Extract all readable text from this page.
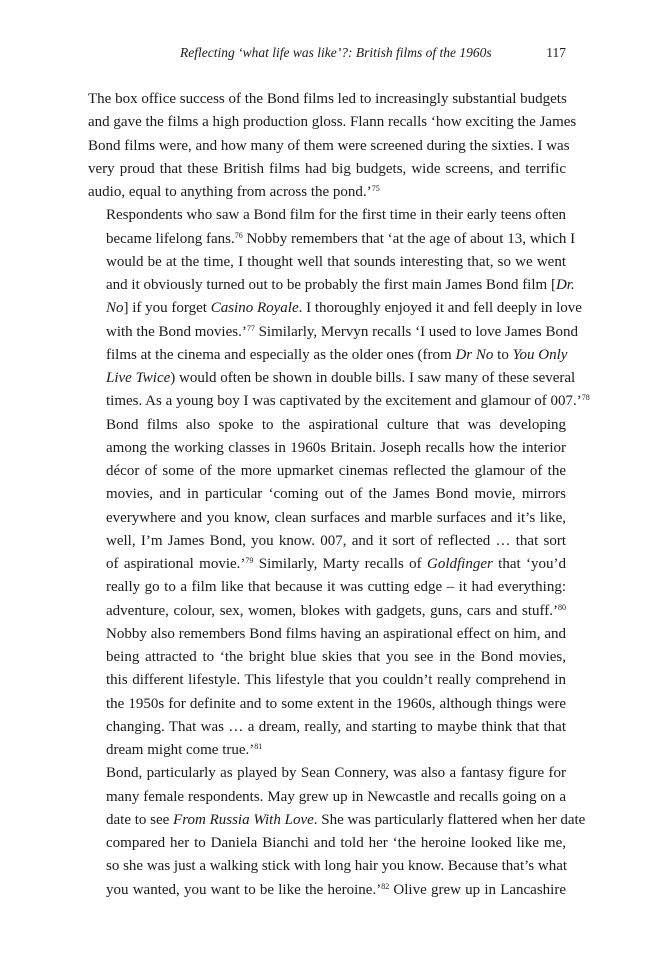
Reflecting ‘what life was like’?: British films of the 1960s	117
The box office success of the Bond films led to increasingly substantial budgets
and gave the films a high production gloss. Flann recalls ‘how exciting the James
Bond films were, and how many of them were screened during the sixties. I was
very proud that these British films had big budgets, wide screens, and terrific
audio, equal to anything from across the pond.’$^{75}$
Respondents who saw a Bond film for the first time in their early teens often
became lifelong fans.$^{76}$ Nobby remembers that ‘at the age of about 13, which I
would be at the time, I thought well that sounds interesting that, so we went
and it obviously turned out to be probably the first main James Bond film [Dr.
No] if you forget Casino Royale. I thoroughly enjoyed it and fell deeply in love
with the Bond movies.’$^{77}$ Similarly, Mervyn recalls ‘I used to love James Bond
films at the cinema and especially as the older ones (from Dr No to You Only
Live Twice) would often be shown in double bills. I saw many of these several
times. As a young boy I was captivated by the excitement and glamour of 007.’$^{78}$
Bond films also spoke to the aspirational culture that was developing
among the working classes in 1960s Britain. Joseph recalls how the interior
décor of some of the more upmarket cinemas reflected the glamour of the
movies, and in particular ‘coming out of the James Bond movie, mirrors
everywhere and you know, clean surfaces and marble surfaces and it’s like,
well, I’m James Bond, you know. 007, and it sort of reflected … that sort
of aspirational movie.’$^{79}$ Similarly, Marty recalls of Goldfinger that ‘you’d
really go to a film like that because it was cutting edge – it had everything:
adventure, colour, sex, women, blokes with gadgets, guns, cars and stuff.’$^{80}$
Nobby also remembers Bond films having an aspirational effect on him, and
being attracted to ‘the bright blue skies that you see in the Bond movies,
this different lifestyle. This lifestyle that you couldn’t really comprehend in
the 1950s for definite and to some extent in the 1960s, although things were
changing. That was … a dream, really, and starting to maybe think that that
dream might come true.’$^{81}$
Bond, particularly as played by Sean Connery, was also a fantasy figure for
many female respondents. May grew up in Newcastle and recalls going on a
date to see From Russia With Love. She was particularly flattered when her date
compared her to Daniela Bianchi and told her ‘the heroine looked like me,
so she was just a walking stick with long hair you know. Because that’s what
you wanted, you want to be like the heroine.’$^{82}$ Olive grew up in Lancashire
